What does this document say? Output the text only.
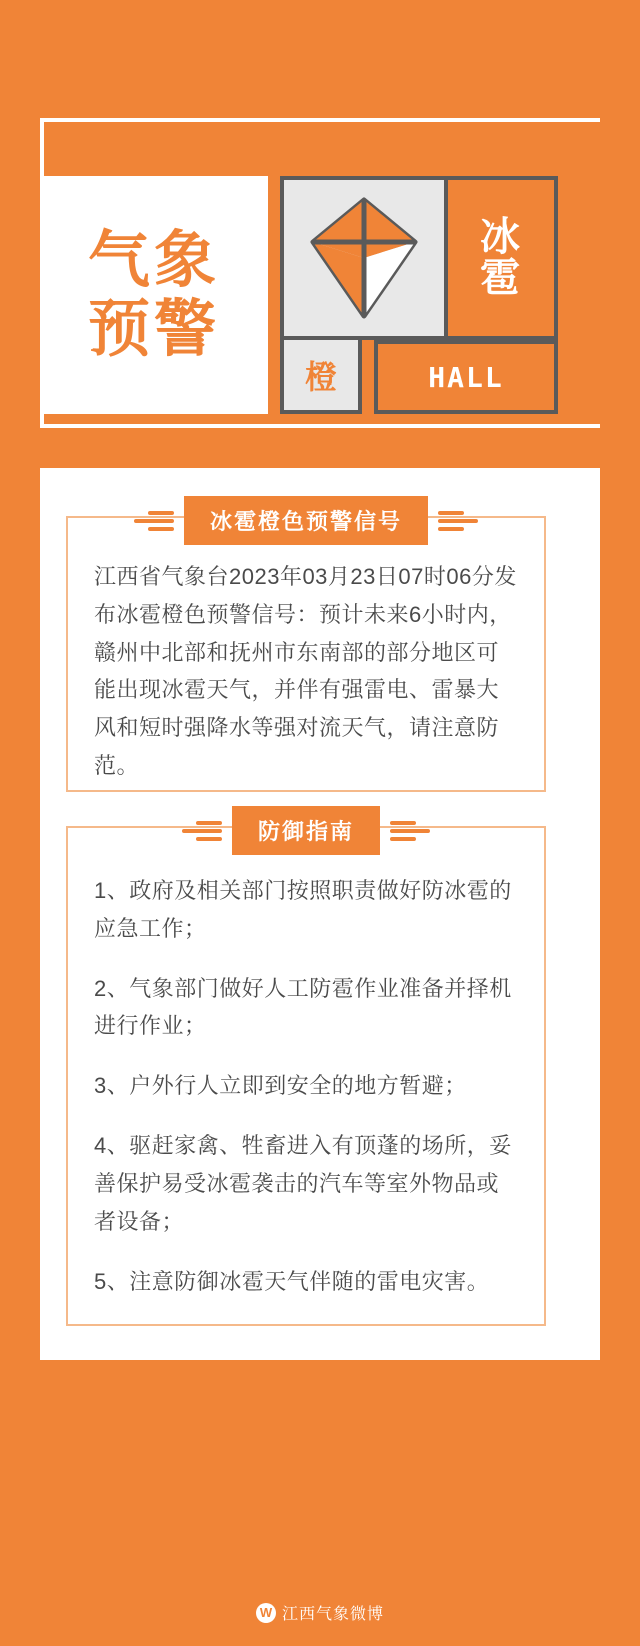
气象
预警
冰
雹
橙	HALL
冰雹橙色预警信号
江西省气象台2023年03月23日07时06分发布冰雹橙色预警信号：预计未来6小时内，赣州中北部和抚州市东南部的部分地区可能出现冰雹天气，并伴有强雷电、雷暴大风和短时强降水等强对流天气，请注意防范。
防御指南
1、政府及相关部门按照职责做好防冰雹的应急工作；
2、气象部门做好人工防雹作业准备并择机进行作业；
3、户外行人立即到安全的地方暂避；
4、驱赶家禽、牲畜进入有顶蓬的场所，妥善保护易受冰雹袭击的汽车等室外物品或者设备；
5、注意防御冰雹天气伴随的雷电灾害。
W 江西气象微博
